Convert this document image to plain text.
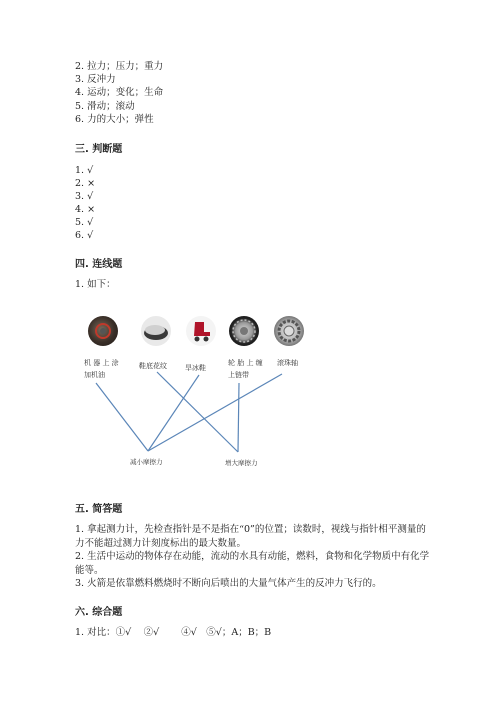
2. 拉力；压力；重力
3. 反冲力
4. 运动；变化；生命
5. 滑动；滚动
6. 力的大小；弹性
三. 判断题
1. √
2. ×
3. √
4. ×
5. √
6. √
四. 连线题
1. 如下：
机 器 上 涂
加机油
鞋底花纹	旱冰鞋
轮 胎 上 缠
上链带
滚珠轴
减小摩擦力	增大摩擦力
五. 简答题
1. 拿起测力计，先检查指针是不是指在“0”的位置；读数时，视线与指针相平测量的力不能超过测力计刻度标出的最大数量。
2. 生活中运动的物体存在动能，流动的水具有动能，燃料，食物和化学物质中有化学能等。
3. 火箭是依靠燃料燃烧时不断向后喷出的大量气体产生的反冲力飞行的。
六. 综合题
1. 对比：①√　 ②√　　 ④√　⑤√；A；B；B
